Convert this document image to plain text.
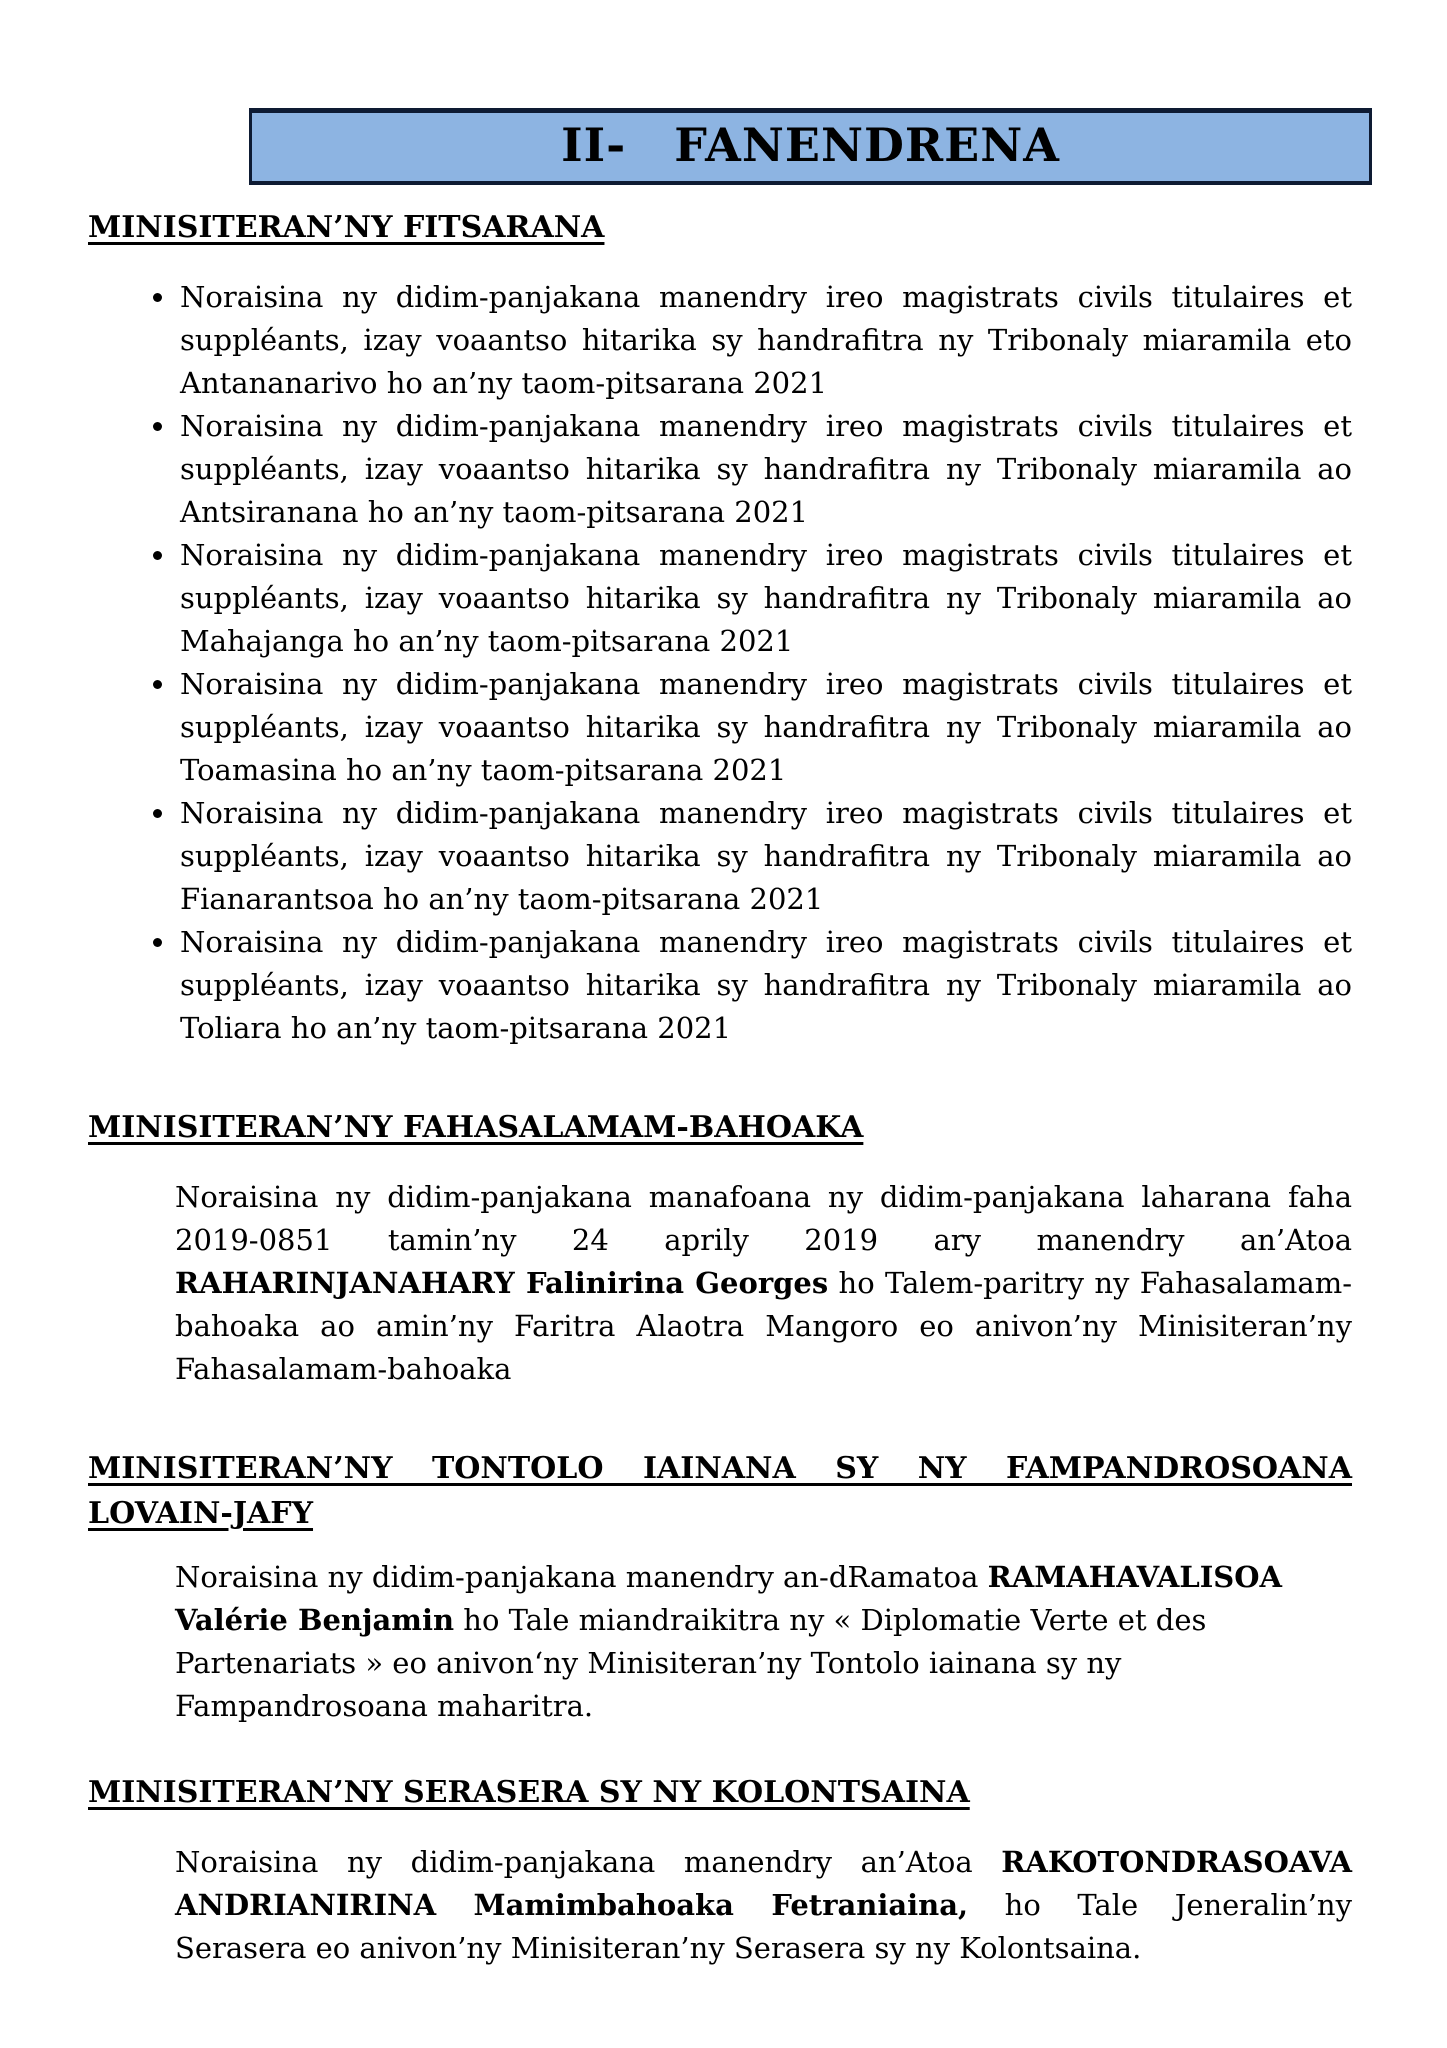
II- FANENDRENA
MINISITERAN’NY FITSARANA
• Noraisina ny didim-panjakana manendry ireo magistrats civils titulaires et suppléants, izay voaantso hitarika sy handrafitra ny Tribonaly miaramila eto Antananarivo ho an’ny taom-pitsarana 2021
• Noraisina ny didim-panjakana manendry ireo magistrats civils titulaires et suppléants, izay voaantso hitarika sy handrafitra ny Tribonaly miaramila ao Antsiranana ho an’ny taom-pitsarana 2021
• Noraisina ny didim-panjakana manendry ireo magistrats civils titulaires et suppléants, izay voaantso hitarika sy handrafitra ny Tribonaly miaramila ao Mahajanga ho an’ny taom-pitsarana 2021
• Noraisina ny didim-panjakana manendry ireo magistrats civils titulaires et suppléants, izay voaantso hitarika sy handrafitra ny Tribonaly miaramila ao Toamasina ho an’ny taom-pitsarana 2021
• Noraisina ny didim-panjakana manendry ireo magistrats civils titulaires et suppléants, izay voaantso hitarika sy handrafitra ny Tribonaly miaramila ao Fianarantsoa ho an’ny taom-pitsarana 2021
• Noraisina ny didim-panjakana manendry ireo magistrats civils titulaires et suppléants, izay voaantso hitarika sy handrafitra ny Tribonaly miaramila ao Toliara ho an’ny taom-pitsarana 2021
MINISITERAN’NY FAHASALAMAM-BAHOAKA

Noraisina ny didim-panjakana manafoana ny didim-panjakana laharana faha 2019-0851 tamin’ny 24 aprily 2019 ary manendry an’Atoa RAHARINJANAHARY Falinirina Georges ho Talem-paritry ny Fahasalamam-bahoaka ao amin’ny Faritra Alaotra Mangoro eo anivon’ny Minisiteran’ny Fahasalamam-bahoaka

MINISITERAN’NY TONTOLO IAINANA SY NY FAMPANDROSOANA LOVAIN-JAFY

Noraisina ny didim-panjakana manendry an-dRamatoa RAMAHAVALISOA Valérie Benjamin ho Tale miandraikitra ny « Diplomatie Verte et des Partenariats » eo anivon‘ny Minisiteran’ny Tontolo iainana sy ny Fampandrosoana maharitra.

MINISITERAN’NY SERASERA SY NY KOLONTSAINA

Noraisina ny didim-panjakana manendry an’Atoa RAKOTONDRASOAVA ANDRIANIRINA Mamimbahoaka Fetraniaina, ho Tale Jeneralin’ny Serasera eo anivon’ny Minisiteran’ny Serasera sy ny Kolontsaina.
